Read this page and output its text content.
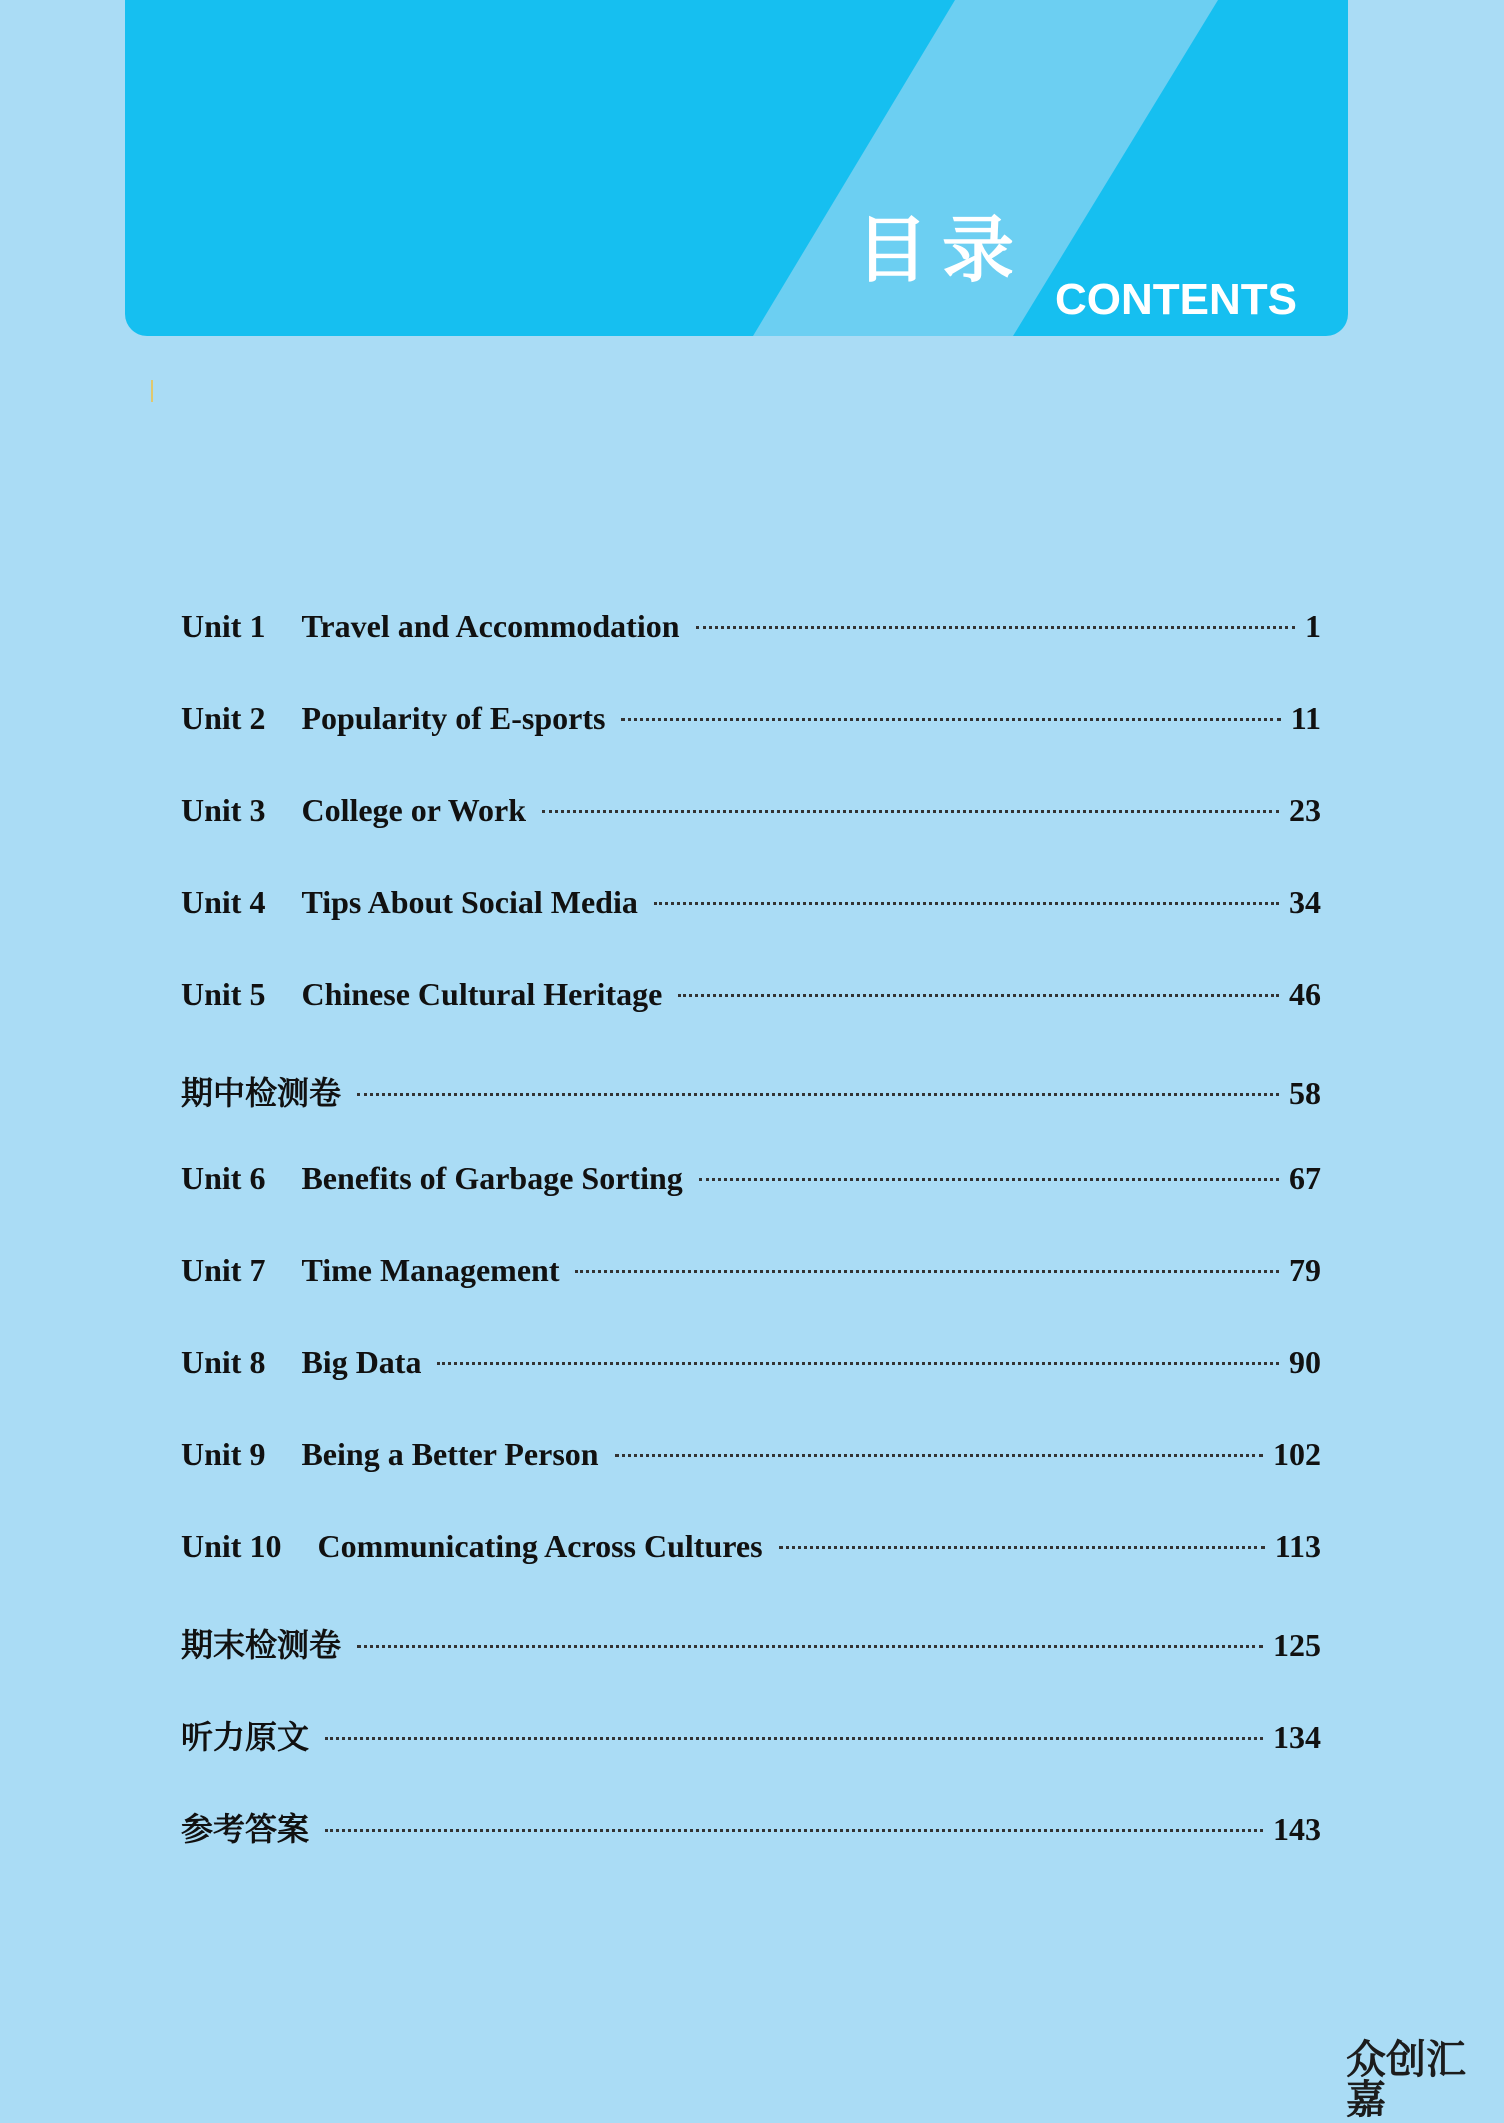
目录
CONTENTS
Unit 1 Travel and Accommodation	1
Unit 2 Popularity of E-sports	11
Unit 3 College or Work	23
Unit 4 Tips About Social Media	34
Unit 5 Chinese Cultural Heritage	46
期中检测卷	58
Unit 6 Benefits of Garbage Sorting	67
Unit 7 Time Management	79
Unit 8 Big Data	90
Unit 9 Being a Better Person	102
Unit 10 Communicating Across Cultures	113
期末检测卷	125
听力原文	134
参考答案	143
众创汇嘉
